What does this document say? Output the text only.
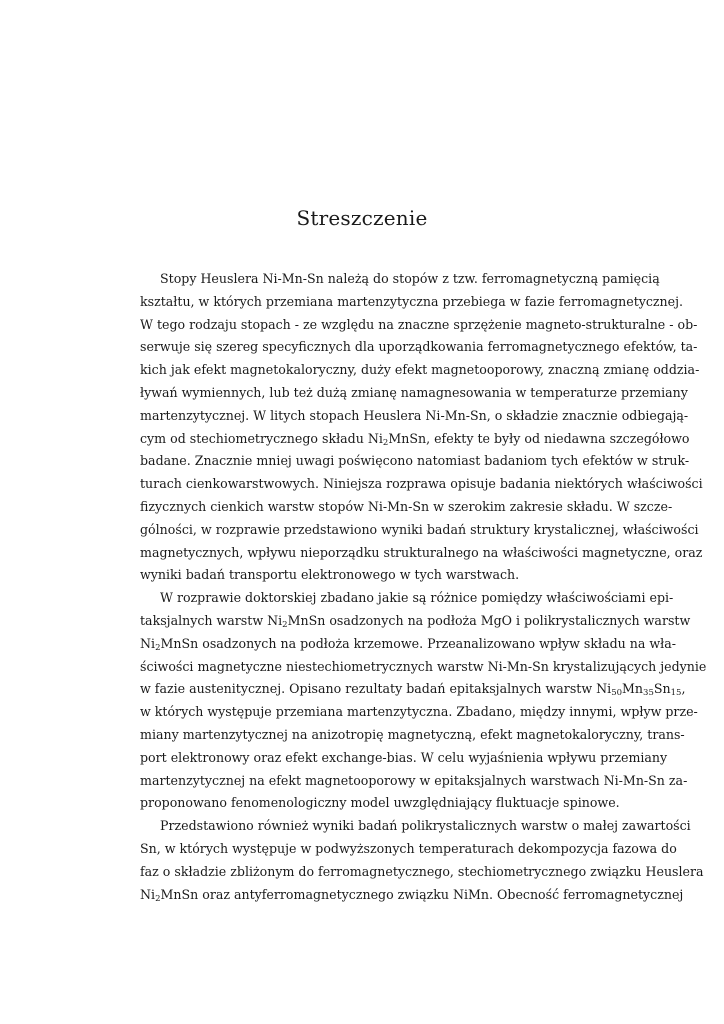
Streszczenie
Stopy Heuslera Ni-Mn-Sn należą do stopów z tzw. ferromagnetyczną pamięcią
kształtu, w których przemiana martenzytyczna przebiega w fazie ferromagnetycznej.
W tego rodzaju stopach - ze względu na znaczne sprzężenie magneto-strukturalne - ob-
serwuje się szereg specyficznych dla uporządkowania ferromagnetycznego efektów, ta-
kich jak efekt magnetokaloryczny, duży efekt magnetooporowy, znaczną zmianę oddzia-
ływań wymiennych, lub też dużą zmianę namagnesowania w temperaturze przemiany
martenzytycznej. W litych stopach Heuslera Ni-Mn-Sn, o składzie znacznie odbiegają-
cym od stechiometrycznego składu $Ni_2MnSn$, efekty te były od niedawna szczegółowo
badane. Znacznie mniej uwagi poświęcono natomiast badaniom tych efektów w struk-
turach cienkowarstwowych. Niniejsza rozprawa opisuje badania niektórych właściwości
fizycznych cienkich warstw stopów Ni-Mn-Sn w szerokim zakresie składu. W szcze-
gólności, w rozprawie przedstawiono wyniki badań struktury krystalicznej, właściwości
magnetycznych, wpływu nieporządku strukturalnego na właściwości magnetyczne, oraz
wyniki badań transportu elektronowego w tych warstwach.
W rozprawie doktorskiej zbadano jakie są różnice pomiędzy właściwościami epi-
taksjalnych warstw $Ni_2MnSn$ osadzonych na podłoża MgO i polikrystalicznych warstw
$Ni_2MnSn$ osadzonych na podłoża krzemowe. Przeanalizowano wpływ składu na wła-
ściwości magnetyczne niestechiometrycznych warstw Ni-Mn-Sn krystalizujących jedynie
w fazie austenitycznej. Opisano rezultaty badań epitaksjalnych warstw $Ni_{50}Mn_{35}Sn_{15}$,
w których występuje przemiana martenzytyczna. Zbadano, między innymi, wpływ prze-
miany martenzytycznej na anizotropię magnetyczną, efekt magnetokaloryczny, trans-
port elektronowy oraz efekt exchange-bias. W celu wyjaśnienia wpływu przemiany
martenzytycznej na efekt magnetooporowy w epitaksjalnych warstwach Ni-Mn-Sn za-
proponowano fenomenologiczny model uwzględniający fluktuacje spinowe.
Przedstawiono również wyniki badań polikrystalicznych warstw o małej zawartości
Sn, w których występuje w podwyższonych temperaturach dekompozycja fazowa do
faz o składzie zbliżonym do ferromagnetycznego, stechiometrycznego związku Heuslera
$Ni_2MnSn$ oraz antyferromagnetycznego związku NiMn. Obecność ferromagnetycznej
